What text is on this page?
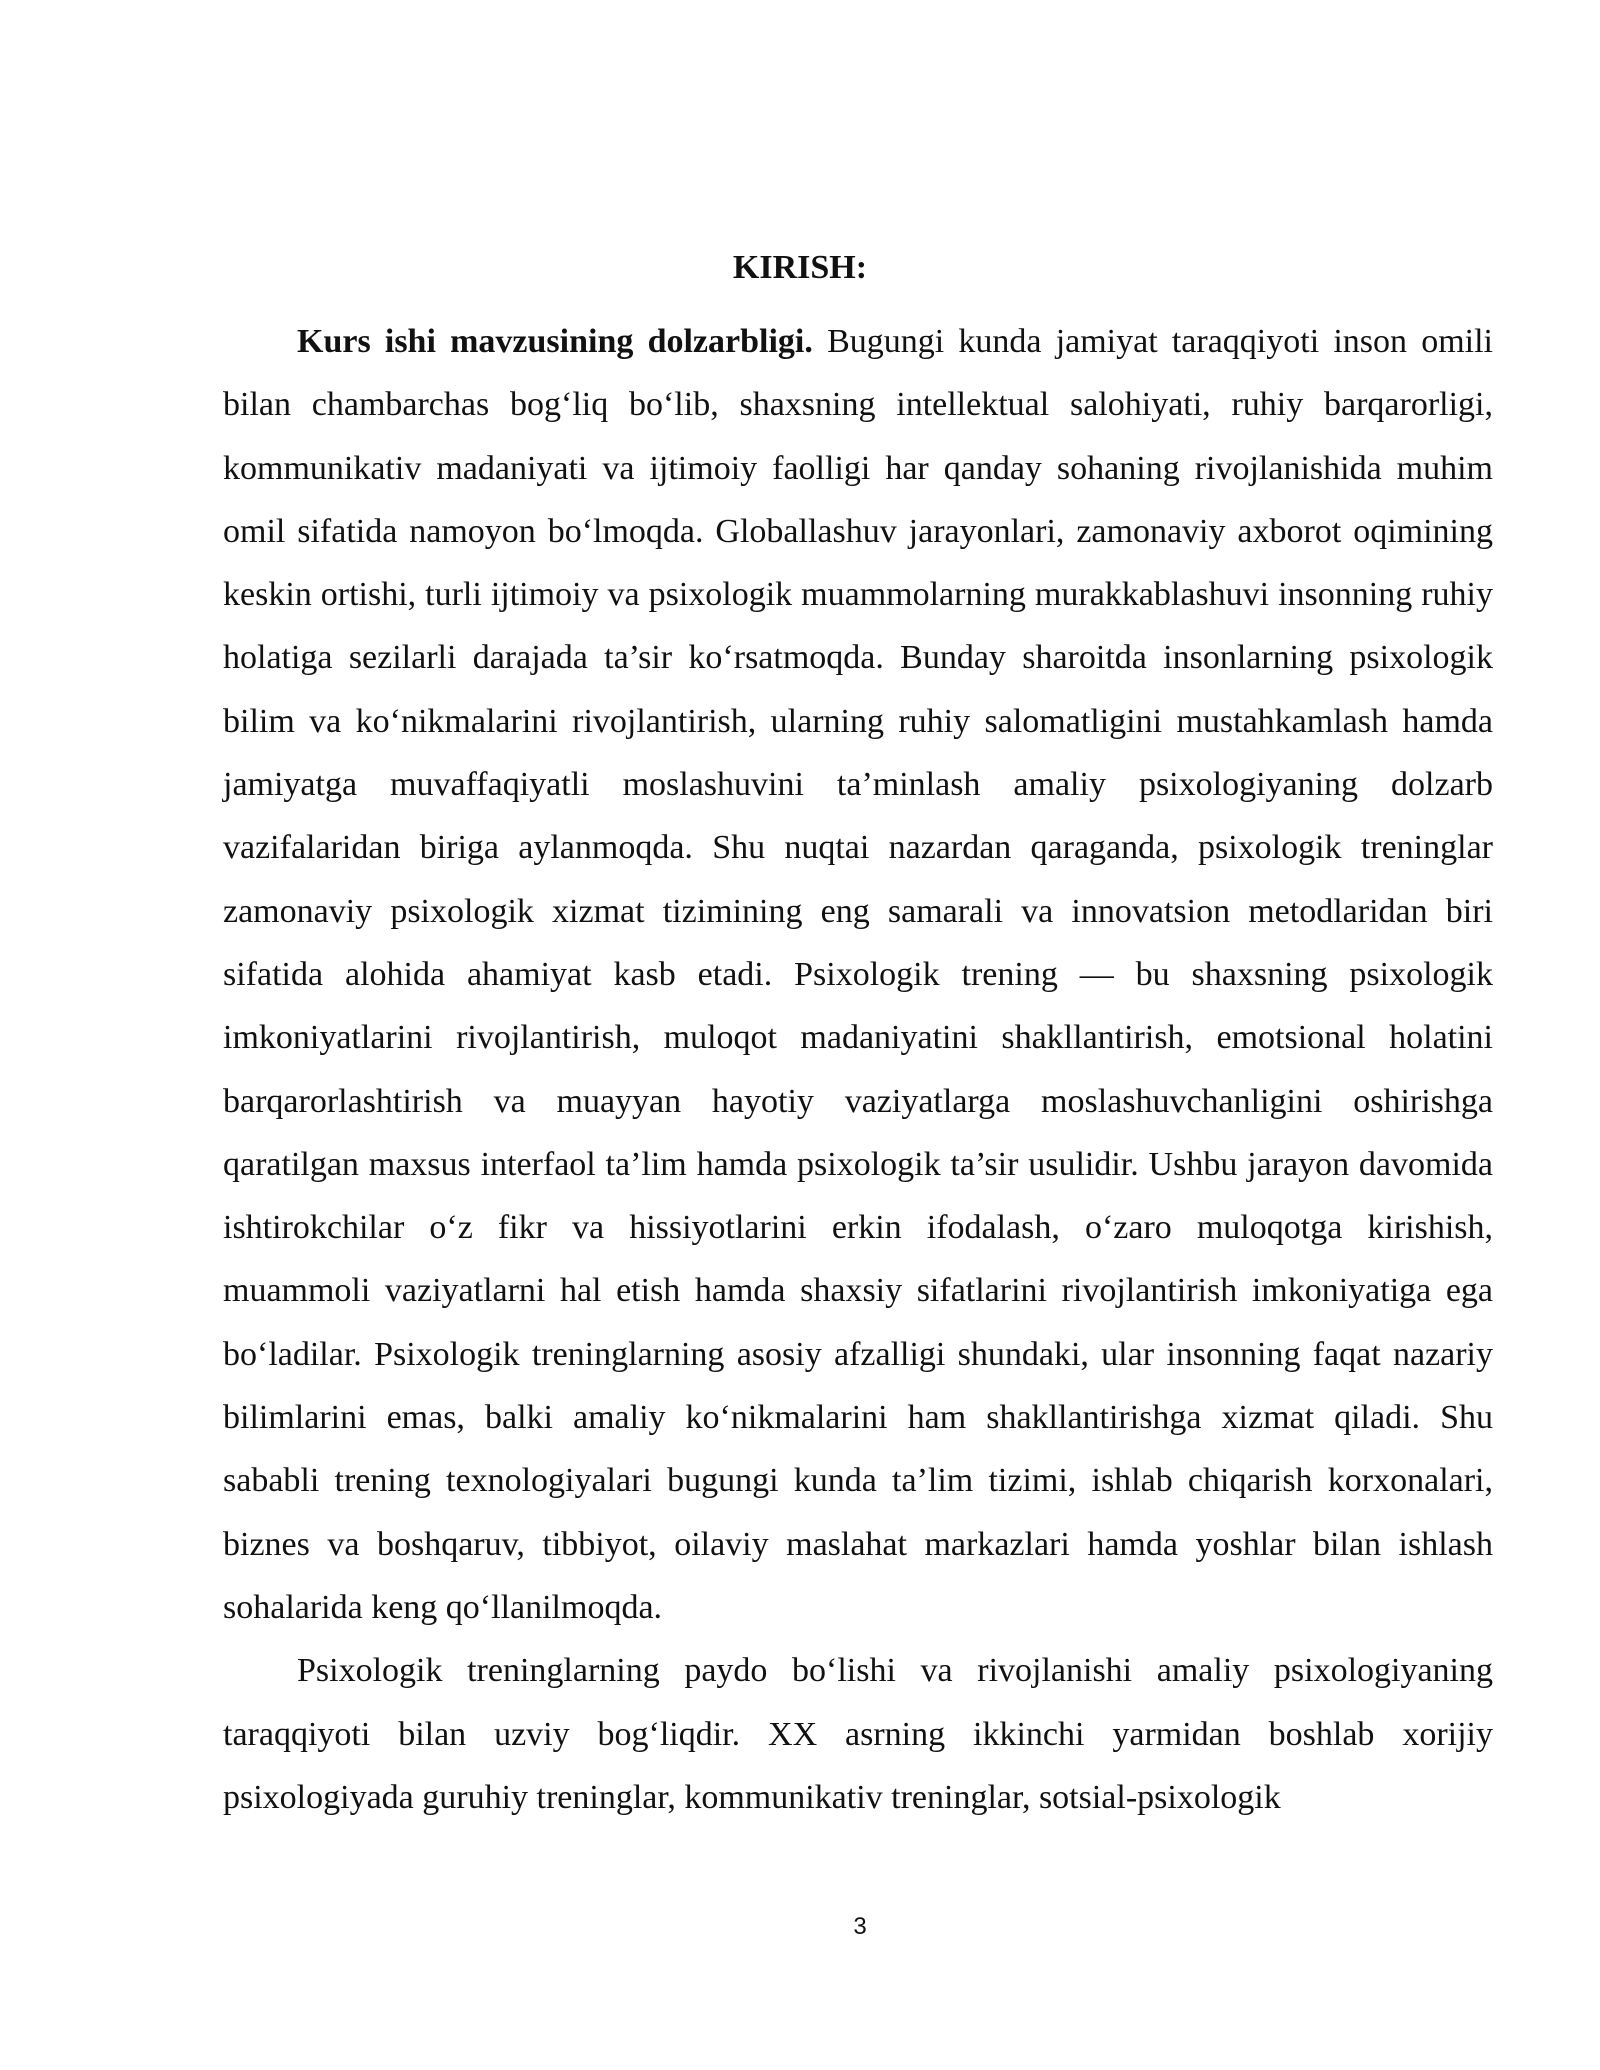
KIRISH:

Kurs ishi mavzusining dolzarbligi. Bugungi kunda jamiyat taraqqiyoti inson omili bilan chambarchas bog‘liq bo‘lib, shaxsning intellektual salohiyati, ruhiy barqarorligi, kommunikativ madaniyati va ijtimoiy faolligi har qanday sohaning rivojlanishida muhim omil sifatida namoyon bo‘lmoqda. Globallashuv jarayonlari, zamonaviy axborot oqimining keskin ortishi, turli ijtimoiy va psixologik muammolarning murakkablashuvi insonning ruhiy holatiga sezilarli darajada ta’sir ko‘rsatmoqda. Bunday sharoitda insonlarning psixologik bilim va ko‘nikmalarini rivojlantirish, ularning ruhiy salomatligini mustahkamlash hamda jamiyatga muvaffaqiyatli moslashuvini ta’minlash amaliy psixologiyaning dolzarb vazifalaridan biriga aylanmoqda. Shu nuqtai nazardan qaraganda, psixologik treninglar zamonaviy psixologik xizmat tizimining eng samarali va innovatsion metodlaridan biri sifatida alohida ahamiyat kasb etadi. Psixologik trening — bu shaxsning psixologik imkoniyatlarini rivojlantirish, muloqot madaniyatini shakllantirish, emotsional holatini barqarorlashtirish va muayyan hayotiy vaziyatlarga moslashuvchanligini oshirishga qaratilgan maxsus interfaol ta’lim hamda psixologik ta’sir usulidir. Ushbu jarayon davomida ishtirokchilar o‘z fikr va hissiyotlarini erkin ifodalash, o‘zaro muloqotga kirishish, muammoli vaziyatlarni hal etish hamda shaxsiy sifatlarini rivojlantirish imkoniyatiga ega bo‘ladilar. Psixologik treninglarning asosiy afzalligi shundaki, ular insonning faqat nazariy bilimlarini emas, balki amaliy ko‘nikmalarini ham shakllantirishga xizmat qiladi. Shu sababli trening texnologiyalari bugungi kunda ta’lim tizimi, ishlab chiqarish korxonalari, biznes va boshqaruv, tibbiyot, oilaviy maslahat markazlari hamda yoshlar bilan ishlash sohalarida keng qo‘llanilmoqda.

Psixologik treninglarning paydo bo‘lishi va rivojlanishi amaliy psixologiyaning taraqqiyoti bilan uzviy bog‘liqdir. XX asrning ikkinchi yarmidan boshlab xorijiy psixologiyada guruhiy treninglar, kommunikativ treninglar, sotsial-psixologik

3
